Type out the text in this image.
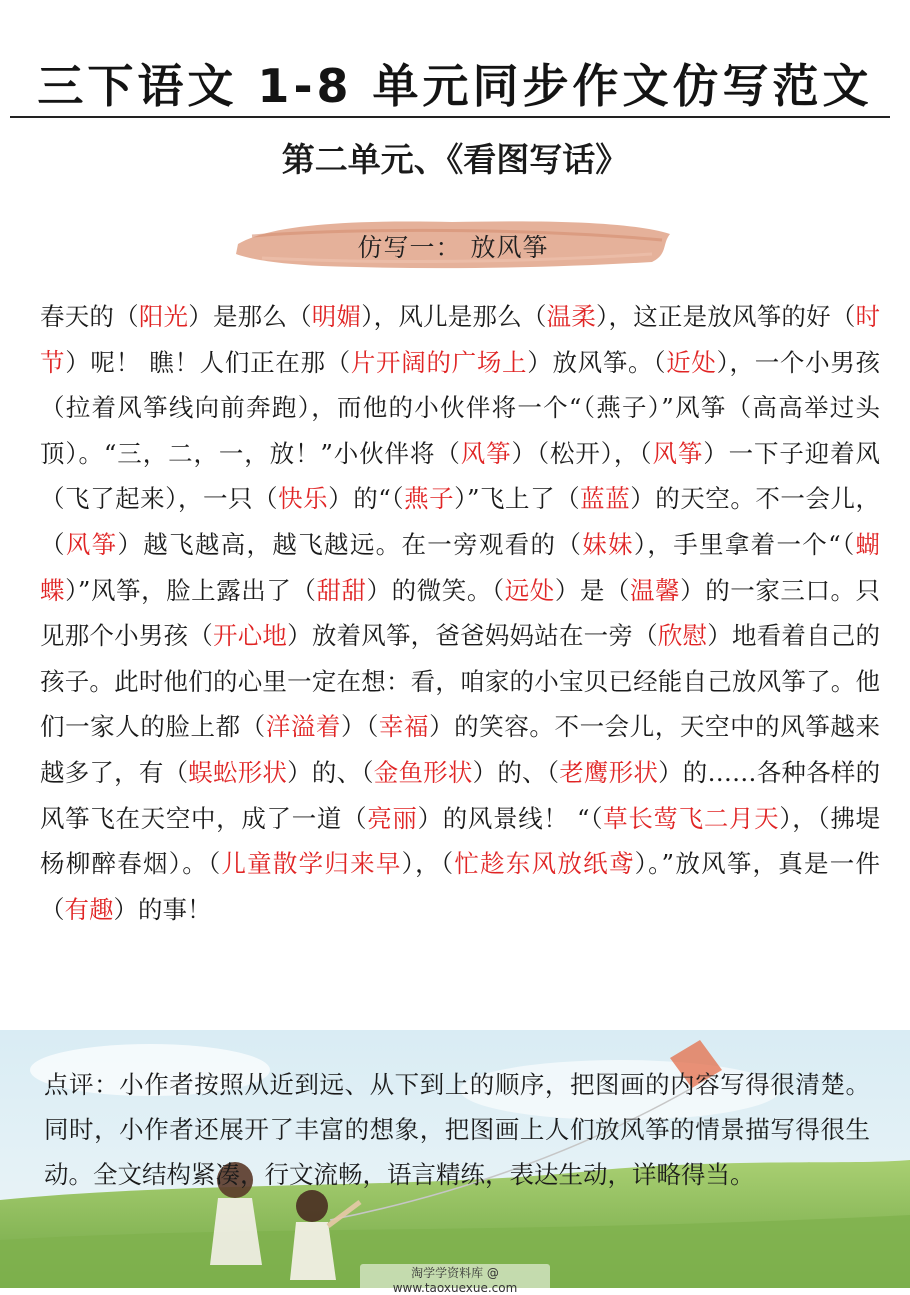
三下语文 1-8 单元同步作文仿写范文
第二单元、《看图写话》
仿写一： 放风筝

春天的（阳光）是那么（明媚），风儿是那么（温柔），这正是放风筝的好（时节）呢！ 瞧！人们正在那（片开阔的广场上）放风筝。（近处），一个小男孩（拉着风筝线向前奔跑），而他的小伙伴将一个“（燕子）”风筝（高高举过头顶）。“三，二，一，放！”小伙伴将（风筝）（松开），（风筝）一下子迎着风（飞了起来），一只（快乐）的“（燕子）”飞上了（蓝蓝）的天空。不一会儿，（风筝）越飞越高，越飞越远。在一旁观看的（妹妹），手里拿着一个“（蝴蝶）”风筝，脸上露出了（甜甜）的微笑。（远处）是（温馨）的一家三口。只见那个小男孩（开心地）放着风筝，爸爸妈妈站在一旁（欣慰）地看着自己的孩子。此时他们的心里一定在想：看，咱家的小宝贝已经能自己放风筝了。他们一家人的脸上都（洋溢着）（幸福）的笑容。不一会儿，天空中的风筝越来越多了，有（蜈蚣形状）的、（金鱼形状）的、（老鹰形状）的……各种各样的风筝飞在天空中，成了一道（亮丽）的风景线！ “（草长莺飞二月天），（拂堤杨柳醉春烟）。（儿童散学归来早），（忙趁东风放纸鸢）。”放风筝，真是一件（有趣）的事！

点评：小作者按照从近到远、从下到上的顺序，把图画的内容写得很清楚。同时，小作者还展开了丰富的想象，把图画上人们放风筝的情景描写得很生动。全文结构紧凑，行文流畅，语言精练，表达生动，详略得当。

淘学学资料库 @ www.taoxuexue.com
